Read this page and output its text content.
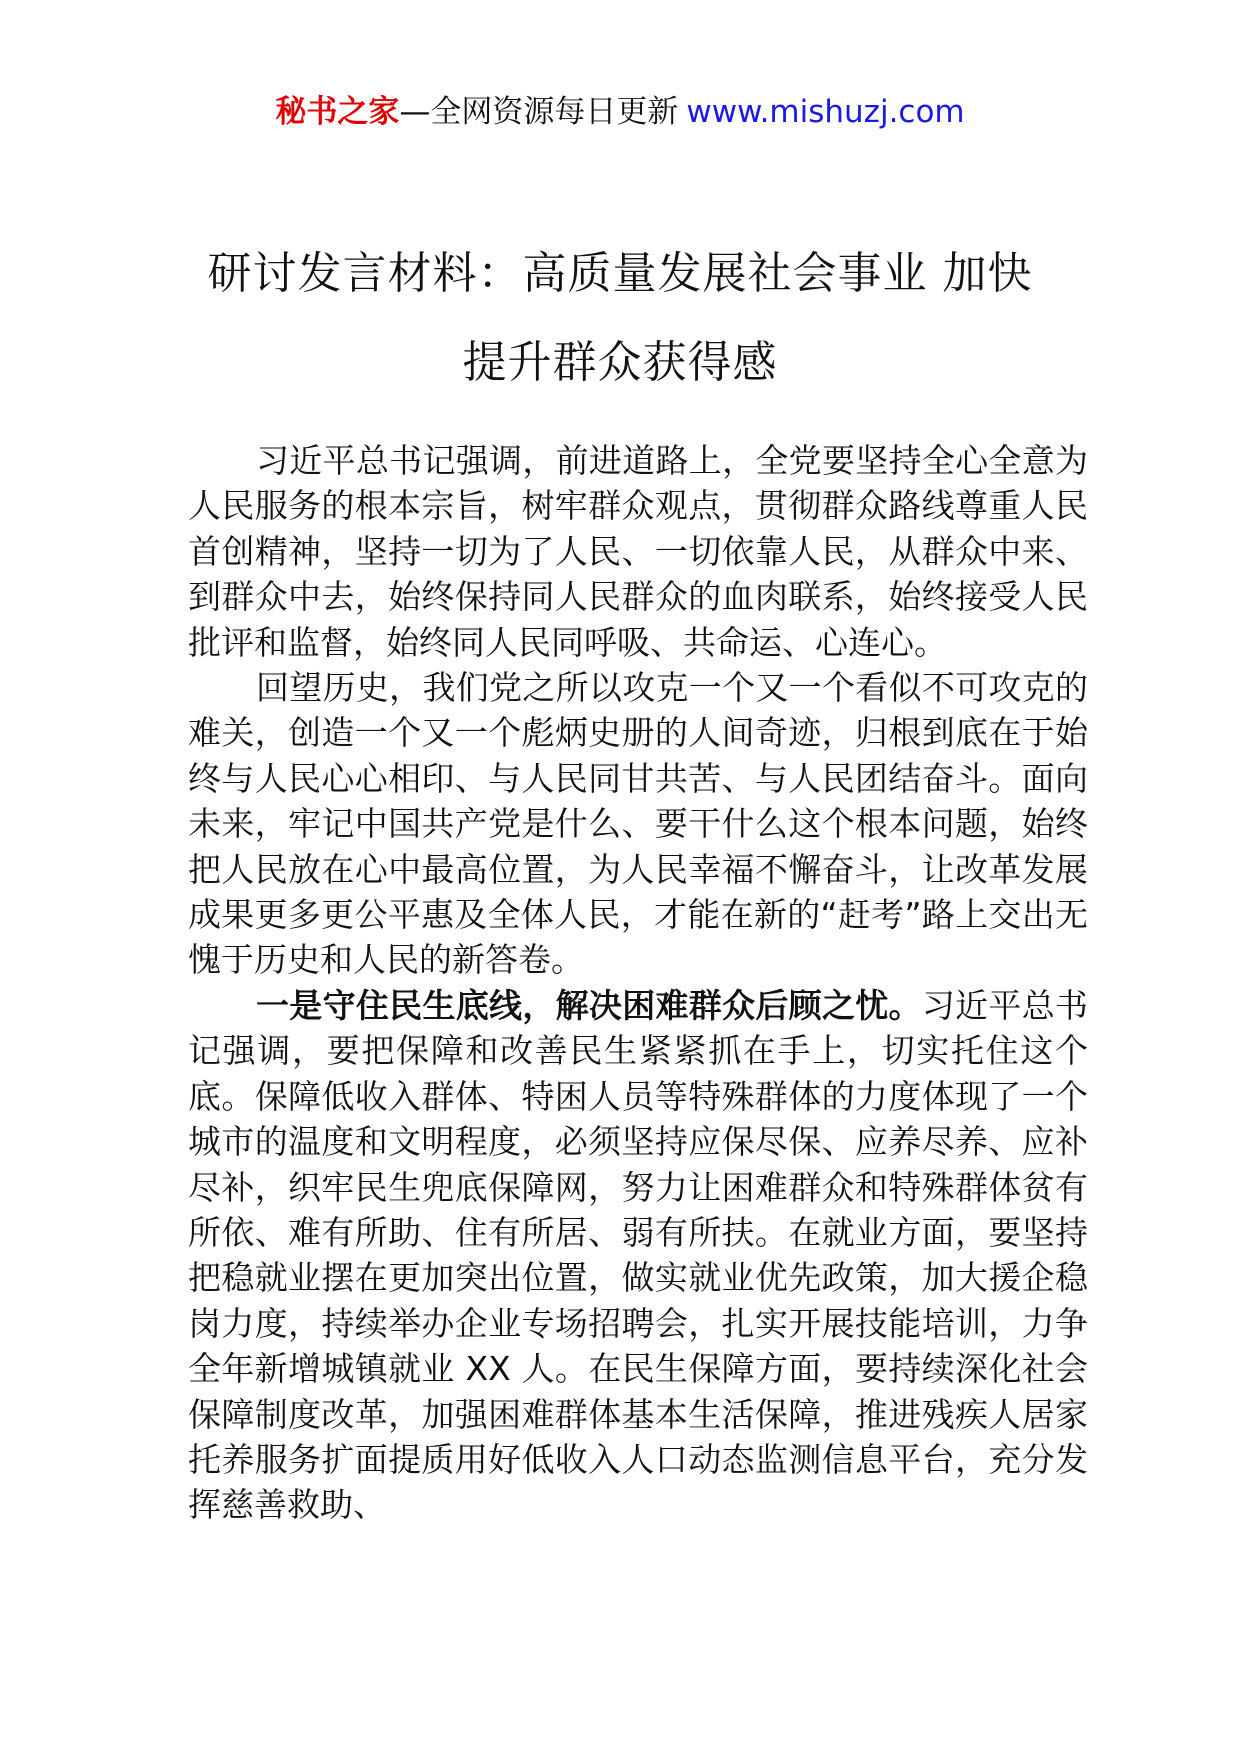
秘书之家—全网资源每日更新 www.mishuzj.com
研讨发言材料：高质量发展社会事业 加快
提升群众获得感

习近平总书记强调，前进道路上，全党要坚持全心全意为人民服务的根本宗旨，树牢群众观点，贯彻群众路线尊重人民首创精神，坚持一切为了人民、一切依靠人民，从群众中来、到群众中去，始终保持同人民群众的血肉联系，始终接受人民批评和监督，始终同人民同呼吸、共命运、心连心。

回望历史，我们党之所以攻克一个又一个看似不可攻克的难关，创造一个又一个彪炳史册的人间奇迹，归根到底在于始终与人民心心相印、与人民同甘共苦、与人民团结奋斗。面向未来，牢记中国共产党是什么、要干什么这个根本问题，始终把人民放在心中最高位置，为人民幸福不懈奋斗，让改革发展成果更多更公平惠及全体人民，才能在新的“赶考”路上交出无愧于历史和人民的新答卷。

一是守住民生底线，解决困难群众后顾之忧。习近平总书记强调，要把保障和改善民生紧紧抓在手上，切实托住这个底。保障低收入群体、特困人员等特殊群体的力度体现了一个城市的温度和文明程度，必须坚持应保尽保、应养尽养、应补尽补，织牢民生兜底保障网，努力让困难群众和特殊群体贫有所依、难有所助、住有所居、弱有所扶。在就业方面，要坚持把稳就业摆在更加突出位置，做实就业优先政策，加大援企稳岗力度，持续举办企业专场招聘会，扎实开展技能培训，力争全年新增城镇就业 XX 人。在民生保障方面，要持续深化社会保障制度改革，加强困难群体基本生活保障，推进残疾人居家托养服务扩面提质用好低收入人口动态监测信息平台，充分发挥慈善救助、
